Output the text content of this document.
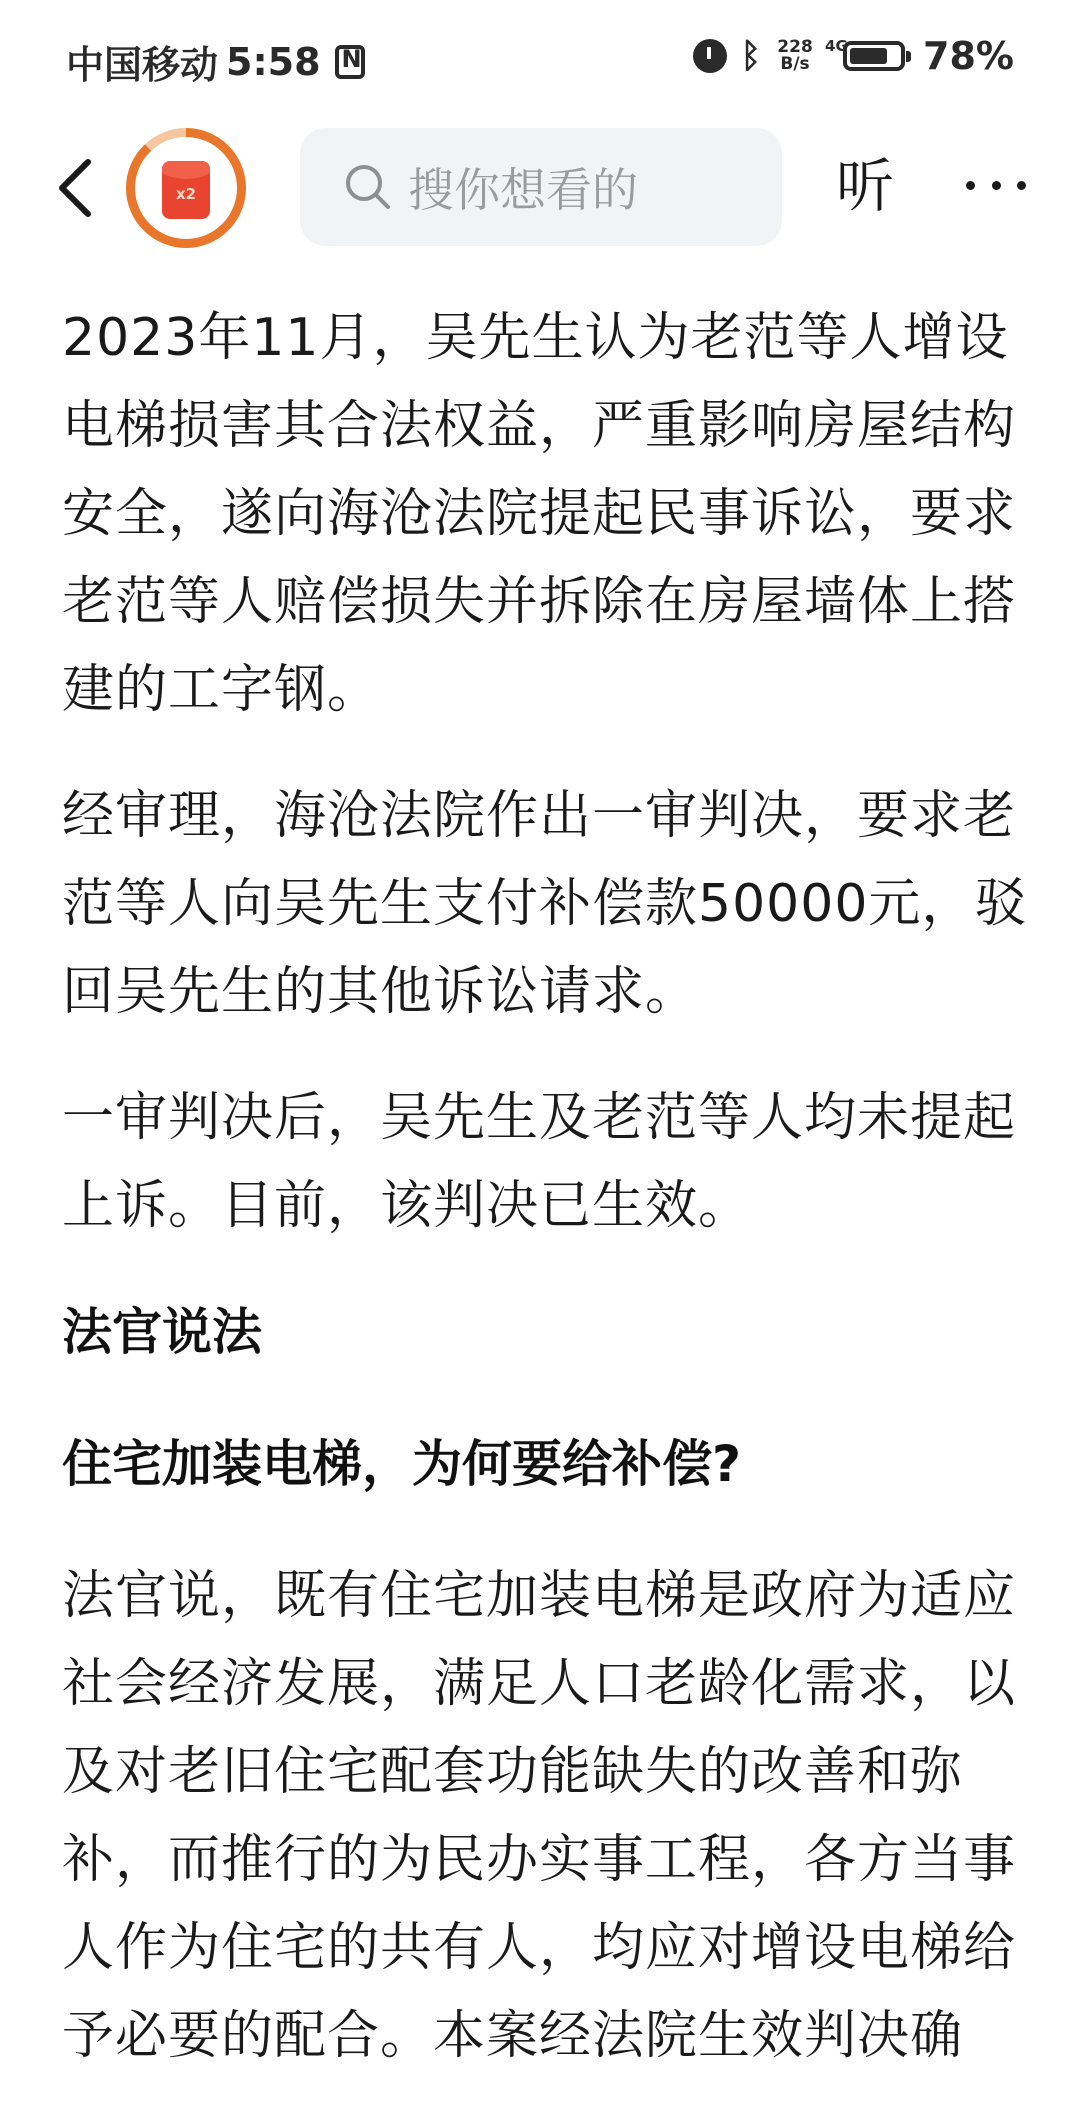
中国移动 5:58
N	ᛒ 228
B/s
4G 78%
x2	搜你想看的	听

2023年11月，吴先生认为老范等人增设电梯损害其合法权益，严重影响房屋结构安全，遂向海沧法院提起民事诉讼，要求老范等人赔偿损失并拆除在房屋墙体上搭建的工字钢。

经审理，海沧法院作出一审判决，要求老范等人向吴先生支付补偿款50000元，驳回吴先生的其他诉讼请求。

一审判决后，吴先生及老范等人均未提起上诉。目前，该判决已生效。

法官说法
住宅加装电梯，为何要给补偿?

法官说，既有住宅加装电梯是政府为适应社会经济发展，满足人口老龄化需求，以及对老旧住宅配套功能缺失的改善和弥补，而推行的为民办实事工程，各方当事人作为住宅的共有人，均应对增设电梯给予必要的配合。本案经法院生效判决确
